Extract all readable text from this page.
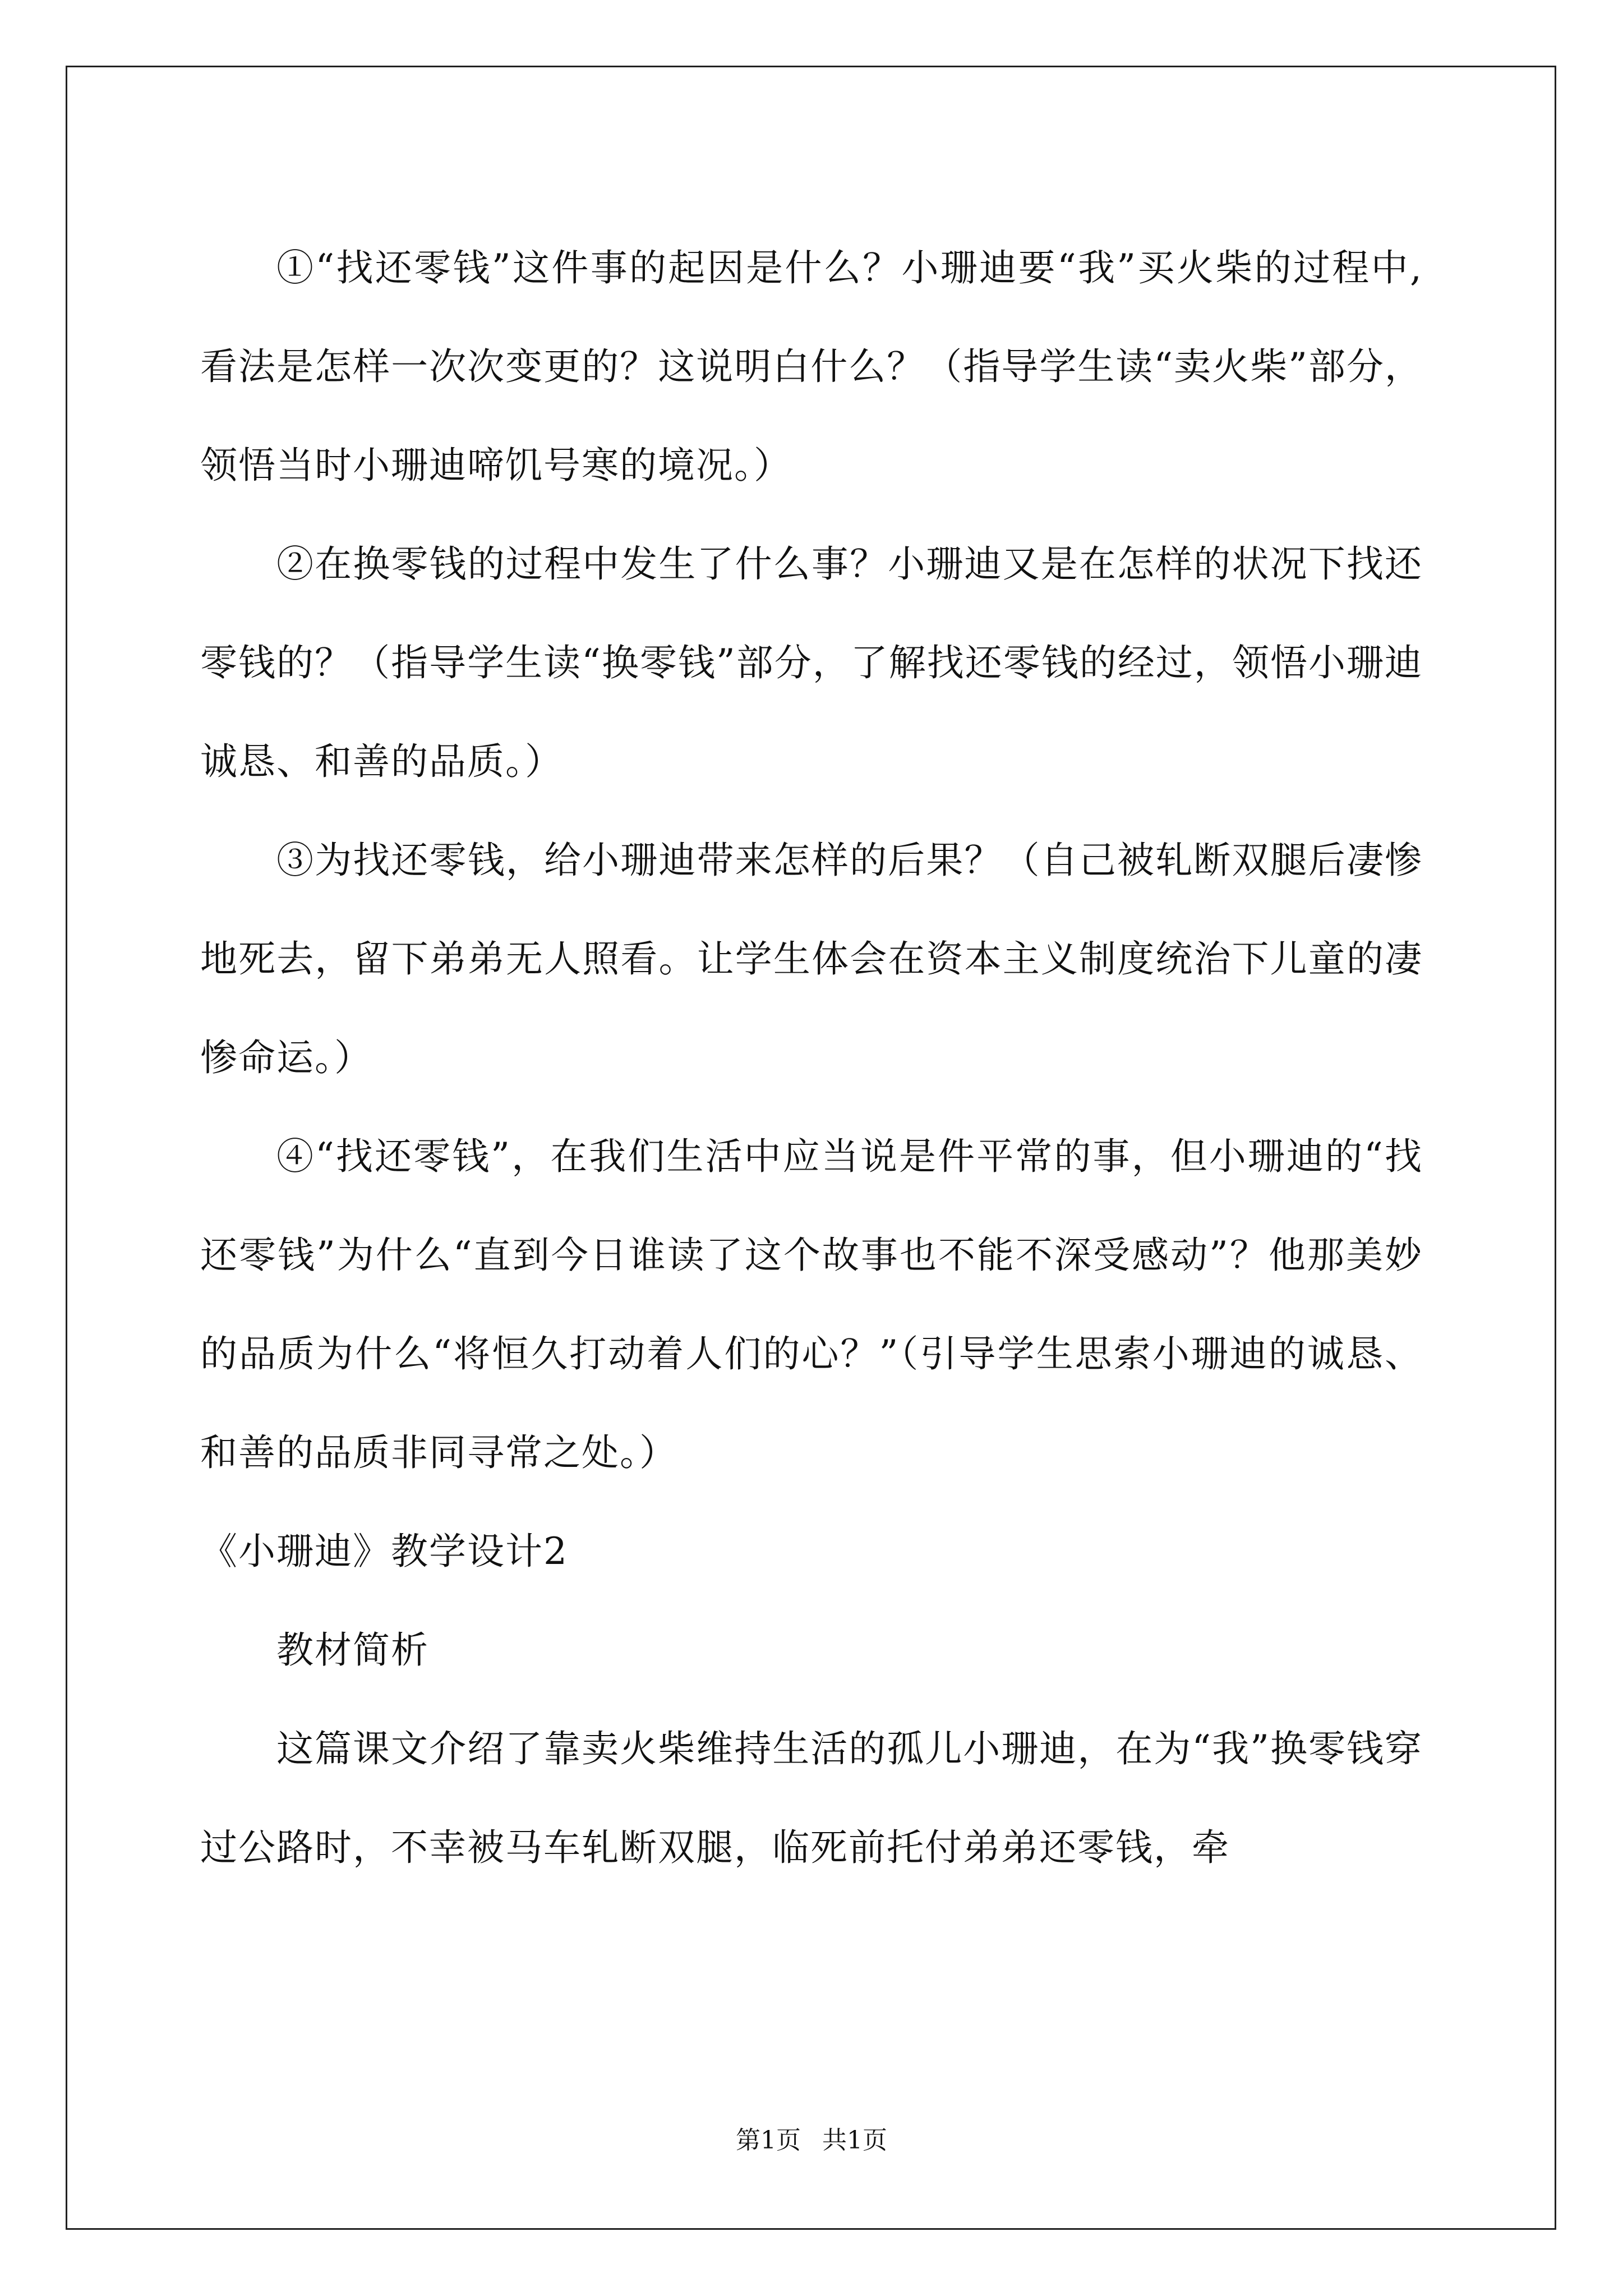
①“找还零钱”这件事的起因是什么？小珊迪要“我”买火柴的过程中,看法是怎样一次次变更的？这说明白什么？（指导学生读“卖火柴”部分，领悟当时小珊迪啼饥号寒的境况。）

②在换零钱的过程中发生了什么事？小珊迪又是在怎样的状况下找还零钱的？（指导学生读“换零钱”部分，了解找还零钱的经过，领悟小珊迪诚恳、和善的品质。）

③为找还零钱，给小珊迪带来怎样的后果？（自己被轧断双腿后凄惨地死去，留下弟弟无人照看。让学生体会在资本主义制度统治下儿童的凄惨命运。）

④“找还零钱”，在我们生活中应当说是件平常的事，但小珊迪的“找还零钱”为什么“直到今日谁读了这个故事也不能不深受感动”？他那美妙的品质为什么“将恒久打动着人们的心？”（引导学生思索小珊迪的诚恳、和善的品质非同寻常之处。）

《小珊迪》教学设计2

教材简析

这篇课文介绍了靠卖火柴维持生活的孤儿小珊迪，在为“我”换零钱穿过公路时，不幸被马车轧断双腿，临死前托付弟弟还零钱，牵

第1页 共1页
